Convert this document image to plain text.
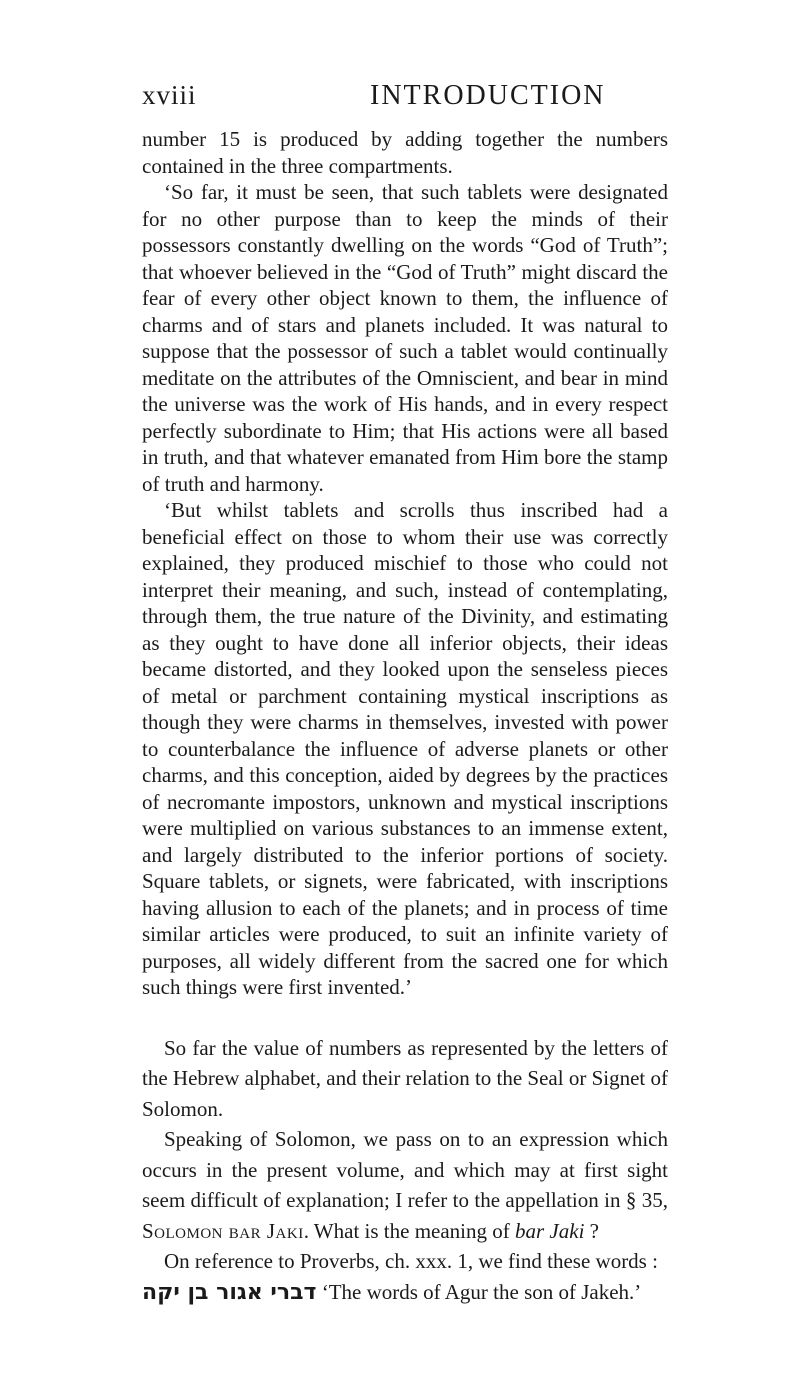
xviii	INTRODUCTION

number 15 is produced by adding together the numbers contained in the three compartments.

‘So far, it must be seen, that such tablets were designated for no other purpose than to keep the minds of their possessors constantly dwelling on the words “God of Truth”; that whoever believed in the “God of Truth” might discard the fear of every other object known to them, the influence of charms and of stars and planets included. It was natural to suppose that the possessor of such a tablet would continually meditate on the attributes of the Omniscient, and bear in mind the universe was the work of His hands, and in every respect perfectly subordinate to Him; that His actions were all based in truth, and that whatever emanated from Him bore the stamp of truth and harmony.

‘But whilst tablets and scrolls thus inscribed had a beneficial effect on those to whom their use was correctly explained, they produced mischief to those who could not interpret their meaning, and such, instead of contemplating, through them, the true nature of the Divinity, and estimating as they ought to have done all inferior objects, their ideas became distorted, and they looked upon the senseless pieces of metal or parchment containing mystical inscriptions as though they were charms in themselves, invested with power to counterbalance the influence of adverse planets or other charms, and this conception, aided by degrees by the practices of necromante impostors, unknown and mystical inscriptions were multiplied on various substances to an immense extent, and largely distributed to the inferior portions of society. Square tablets, or signets, were fabricated, with inscriptions having allusion to each of the planets; and in process of time similar articles were produced, to suit an infinite variety of purposes, all widely different from the sacred one for which such things were first invented.’

So far the value of numbers as represented by the letters of the Hebrew alphabet, and their relation to the Seal or Signet of Solomon.

Speaking of Solomon, we pass on to an expression which occurs in the present volume, and which may at first sight seem difficult of explanation; I refer to the appellation in § 35, Solomon bar Jaki. What is the meaning of bar Jaki ?

On reference to Proverbs, ch. xxx. 1, we find these words :
דברי אגור בן יקה ‘The words of Agur the son of Jakeh.’
